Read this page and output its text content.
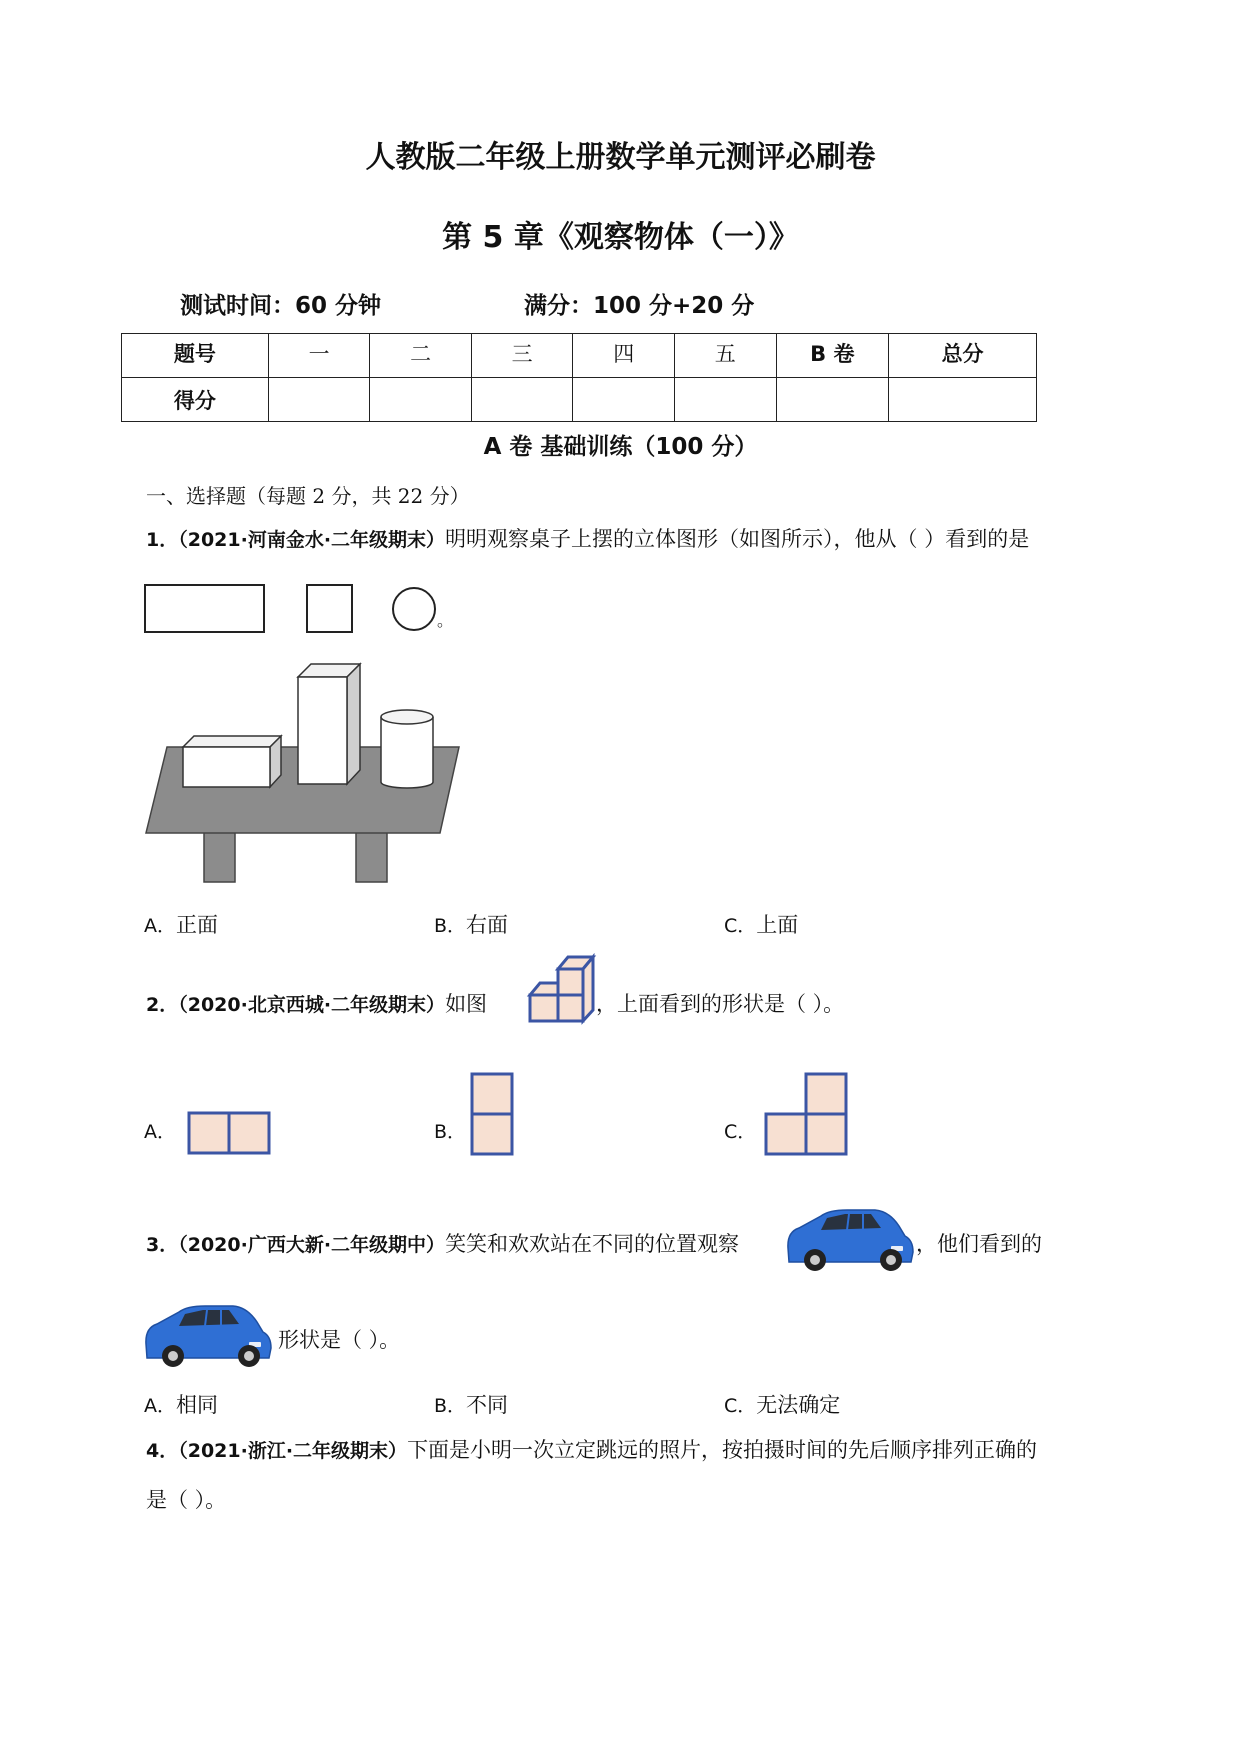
人教版二年级上册数学单元测评必刷卷
第 5 章《观察物体（一）》
测试时间：60 分钟	满分：100 分+20 分
题号	一	二	三	四	五	B 卷	总分
得分							
A 卷 基础训练（100 分）
一、选择题（每题 2 分，共 22 分）
1．（2021·河南金水·二年级期末）明明观察桌子上摆的立体图形（如图所示），他从（ ）看到的是
。
A．正面	B．右面	C．上面
2．（2020·北京西城·二年级期末）如图	，上面看到的形状是（ ）。
A．	B．	C．
3．（2020·广西大新·二年级期中）笑笑和欢欢站在不同的位置观察	，他们看到的
形状是（ ）。
A．相同	B．不同	C．无法确定
4．（2021·浙江·二年级期末）下面是小明一次立定跳远的照片，按拍摄时间的先后顺序排列正确的
是（ ）。
